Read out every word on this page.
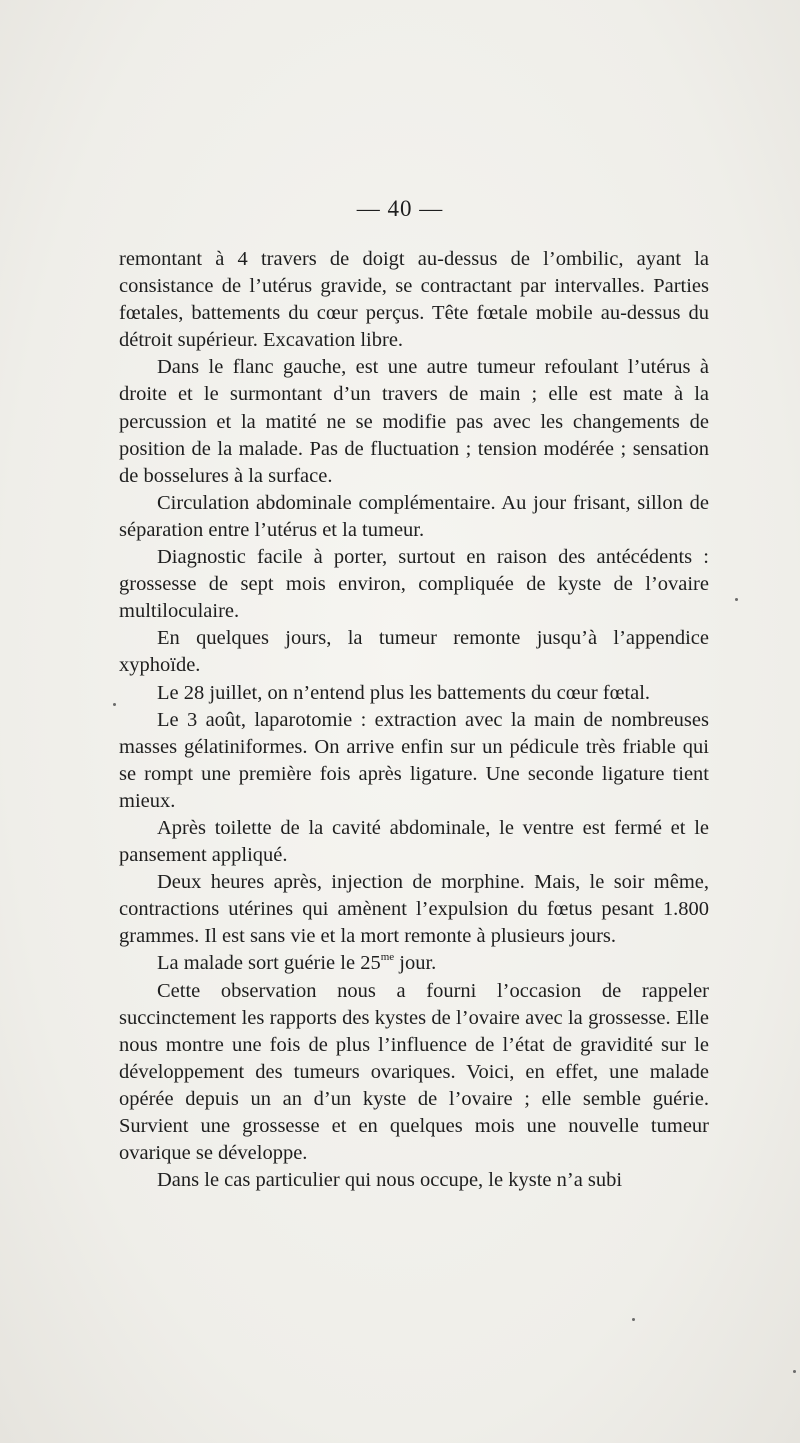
— 40 —

remontant à 4 travers de doigt au-dessus de l’ombilic, ayant la consistance de l’utérus gravide, se contractant par intervalles. Parties fœtales, battements du cœur perçus. Tête fœtale mobile au-dessus du détroit supérieur. Excavation libre.

Dans le flanc gauche, est une autre tumeur refoulant l’utérus à droite et le surmontant d’un travers de main ; elle est mate à la percussion et la matité ne se modifie pas avec les changements de position de la malade. Pas de fluctuation ; tension modérée ; sensation de bosselures à la surface.

Circulation abdominale complémentaire. Au jour frisant, sillon de séparation entre l’utérus et la tumeur.

Diagnostic facile à porter, surtout en raison des antécédents : grossesse de sept mois environ, compliquée de kyste de l’ovaire multiloculaire.

En quelques jours, la tumeur remonte jusqu’à l’appendice xyphoïde.

Le 28 juillet, on n’entend plus les battements du cœur fœtal.

Le 3 août, laparotomie : extraction avec la main de nombreuses masses gélatiniformes. On arrive enfin sur un pédicule très friable qui se rompt une première fois après ligature. Une seconde ligature tient mieux.

Après toilette de la cavité abdominale, le ventre est fermé et le pansement appliqué.

Deux heures après, injection de morphine. Mais, le soir même, contractions utérines qui amènent l’expulsion du fœtus pesant 1.800 grammes. Il est sans vie et la mort remonte à plusieurs jours.

La malade sort guérie le $25^{me}$ jour.

Cette observation nous a fourni l’occasion de rappeler succinctement les rapports des kystes de l’ovaire avec la grossesse. Elle nous montre une fois de plus l’influence de l’état de gravidité sur le développement des tumeurs ovariques. Voici, en effet, une malade opérée depuis un an d’un kyste de l’ovaire ; elle semble guérie. Survient une grossesse et en quelques mois une nouvelle tumeur ovarique se développe.

Dans le cas particulier qui nous occupe, le kyste n’a subi
